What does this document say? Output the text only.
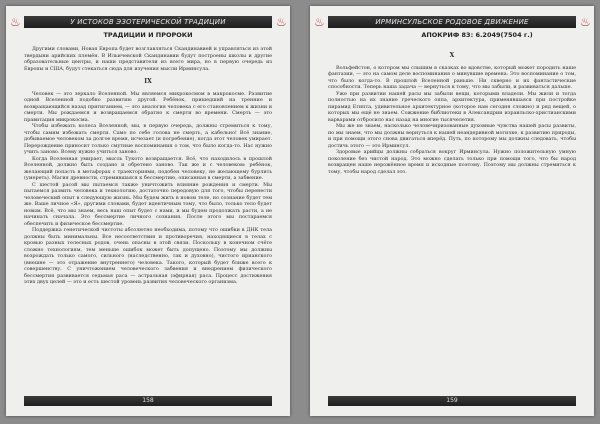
♨	У ИСТОКОВ ЭЗОТЕРИЧЕСКОЙ ТРАДИЦИИ	♨
ТРАДИЦИИ И ПРОРОКИ

Другими словами, Новая Европа будет возглавляться Скандинавией и управляться из этой твердыни арийских племён. В Ильичевской Скандинавии будут построены школы и другие образовательные центры, и наши представители из всего мира, но в первую очередь из Европы и США, будут стекаться сюда для изучения мысли Ирминсула.

IX

Человек — это зеркало Вселенной. Мы являемся микрокосмом в макрокосме. Развитие одной Вселенной подобно развитию другой. Ребёнок, пришедший на тренние и возвращающийся назад пригиганием, — это аналогия человека с его становлением к жизни и смерти. Мы рождаемся и возвращаемся обратно к смерти во времени. Смерть — это правитация микрокосма.

Чтобы избежать колеса Вселенной, мы, в первую очередь, должны стремиться к тому, чтобы самим избежать смерти. Само по себе голова не смерть, а кабельно! Всё знание, добываемое человеком за долгое время, исчезает (и погребение), когда этот человек умирает. Перерождение приносит только смутные воспоминания о том, что было когда-то. Нас нужно учить заново. Всему нужно учиться заново.

Когда Вселенная умирает, мысль Тукото возвращается. Всё, что находилось в прошлой Вселенной, должно быть создано и обретено заново. Так же и с человеком: ребёнок, желающий попасть в метафорах с траекториями, подобен человеку, не желающему бурлить (умереть). Магия древности, стремившаяся к бессмертию, описанная в смерти, а забвение.

С шестой расой мы пытаемся также уничтожить влияние рождения и смерти. Мы пытаемся развить человека и технологию, достаточно передовую для того, чтобы перенести человеческий опыт в следующую жизнь. Мы будем жить в новом теле, но сознание будет тем же. Ваше личное «Я», другими словами, будет идентичным тому, что было, только тело будет новым. Всё, что мы знаем, весь наш опыт будет с нами, и мы будем продолжать расти, а не начинать сначала. Это бессмертие личного сознания. После этого мы постараемся обеспечить и физическое бессмертие.

Поддержка генетической чистоты абсолютно необходима, потому что ошибки в ДНК тела должны быть минимальны. Все несоответствия и противоречия, находящиеся в телах с кровью разных телесных родов, очень опасны в этой связи. Поскольку в конечном счёте сложно технологиям, тем меньше ошибок может быть допущено. Поэтому мы должны возрождать только самого, сильного (наследственно, так и духовно), чистого ирианского (внешне — это отражение внутреннего) человека. Такого, который будет ближе всего к совершенству. С уничтожением человеческого забвения и внедрением физического бессмертия развивается седьмая раса — астральная (эфирная) раса. Процесс достижения этих двух целей — это и есть шестой уровень развития человеческого организма.

158
♨	ИРМИНСУЛЬСКОЕ РОДОВОЕ ДВИЖЕНИЕ	♨
АПОКРИФ 83: 6.2049(7504 г.)

X

Вольфейстон, о котором мы слышим в сказках во вдовстве, который может породить наше фантазии, — это на самом деле воспоминания о минувшие времена. Это воспоминание о том, что было когда-то. В прошлой Вселенной раньше. Ни скверно и их фантастические способности. Теперь наша задача — вернуться к тому, что мы забыли, и развиваться дальше.

Уже при развитии нашей расы мы забыли вещи, которыми владели. Мы жили и тогда полностью на их знание греческого оппа, архитектура, применявшаяся при постройке пирамид Египта, удивительное архитектурное (которое нам сегодня сложно) и ряд вещей, о которых мы ещё не знаем. Сожжение библиотеки в Александрии израильско-христианскими варварами отбросило нас назад на многие тысячелетия.

Мы же не знаем, насколько человечиризованные духовные чувства нашей расы развиты, но мы знаем, что мы должны вернуться к нашей неандеривной могилке, к развитию природы, и при помощи этого снова двигаться вперёд. Путь, по которому мы должны следовать, чтобы достичь этого — это Ирминсул.

Здоровые арийцы должны собраться вокруг Ирминсула. Нужно положительную умную поколение без чистой народ. Это можно сделать только при помощи того, что бы народ возвращен наше нерожённое время и исходные поэтому. Поэтому мы должны стремиться к тому, чтобы народ сделал это.

159
